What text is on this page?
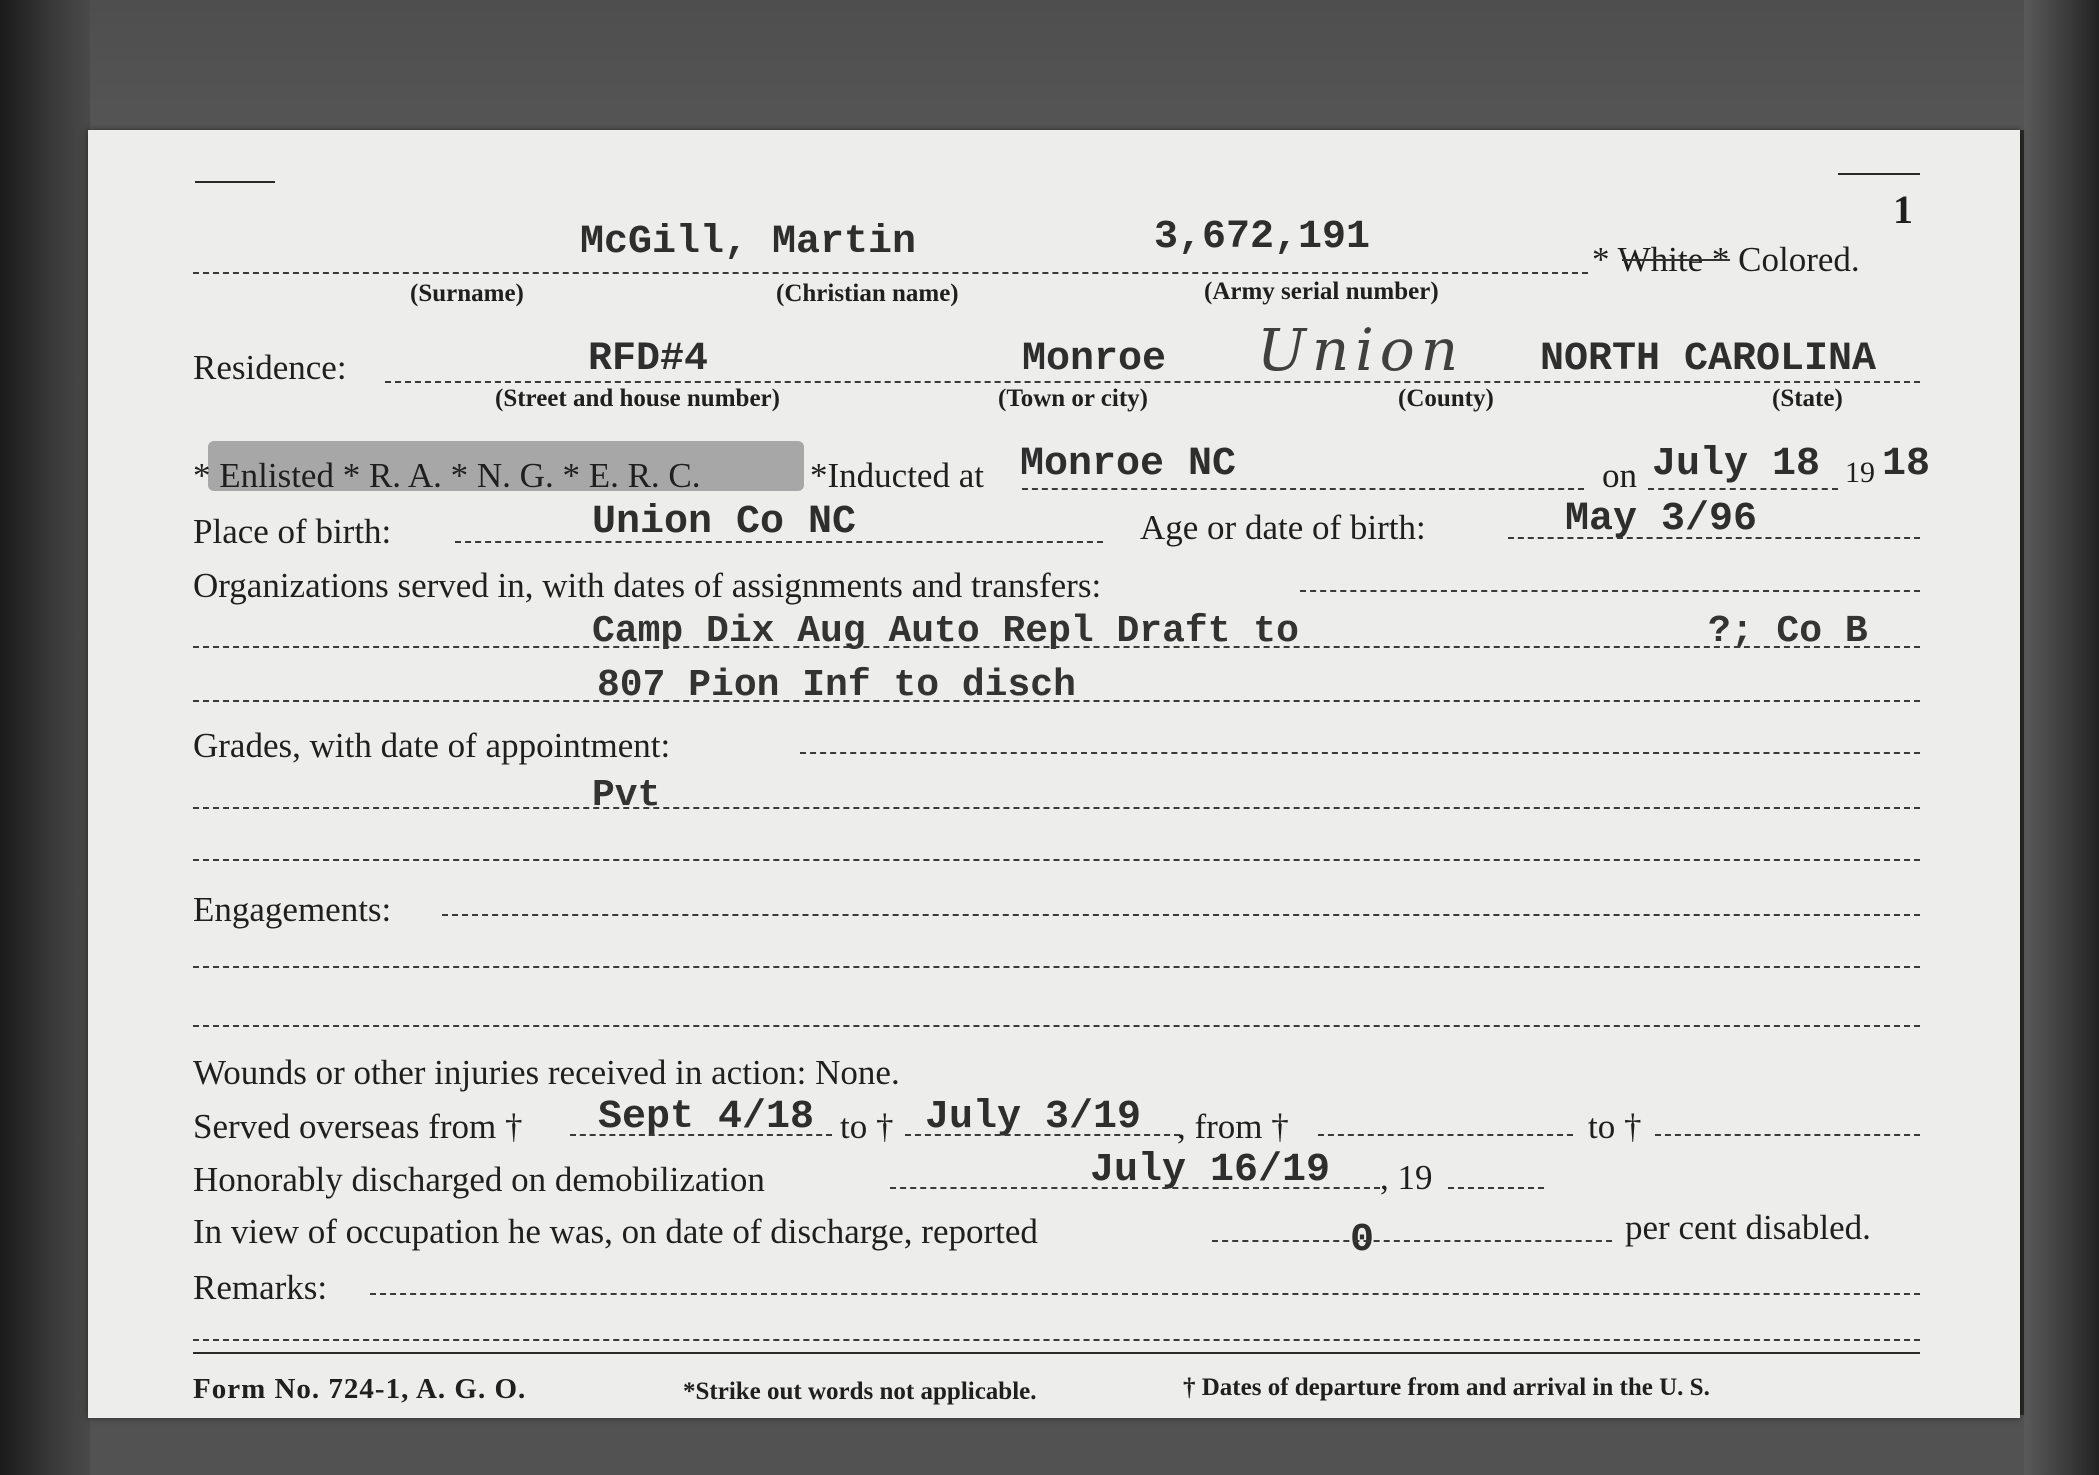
1
McGill, Martin	3,672,191	* White * Colored.
(Surname)	(Christian name)	(Army serial number)
Residence:	RFD#4	Monroe Union NORTH CAROLINA
(Street and house number)	(Town or city)	(County)	(State)
* Enlisted * R. A. * N. G. * E. R. C.	*Inducted at Monroe NC	on July 18 19 18
Place of birth:	Union Co NC	Age or date of birth:	May 3/96
Organizations served in, with dates of assignments and transfers:
Camp Dix Aug Auto Repl Draft to	?; Co B
807 Pion Inf to disch
Grades, with date of appointment:
Pvt
Engagements:
Wounds or other injuries received in action: None.
Served overseas from † Sept 4/18 to † July 3/19 , from †	to †
Honorably discharged on demobilization	July 16/19 , 19
In view of occupation he was, on date of discharge, reported	0	per cent disabled.
Remarks:
Form No. 724-1, A. G. O.	*Strike out words not applicable.	† Dates of departure from and arrival in the U. S.
